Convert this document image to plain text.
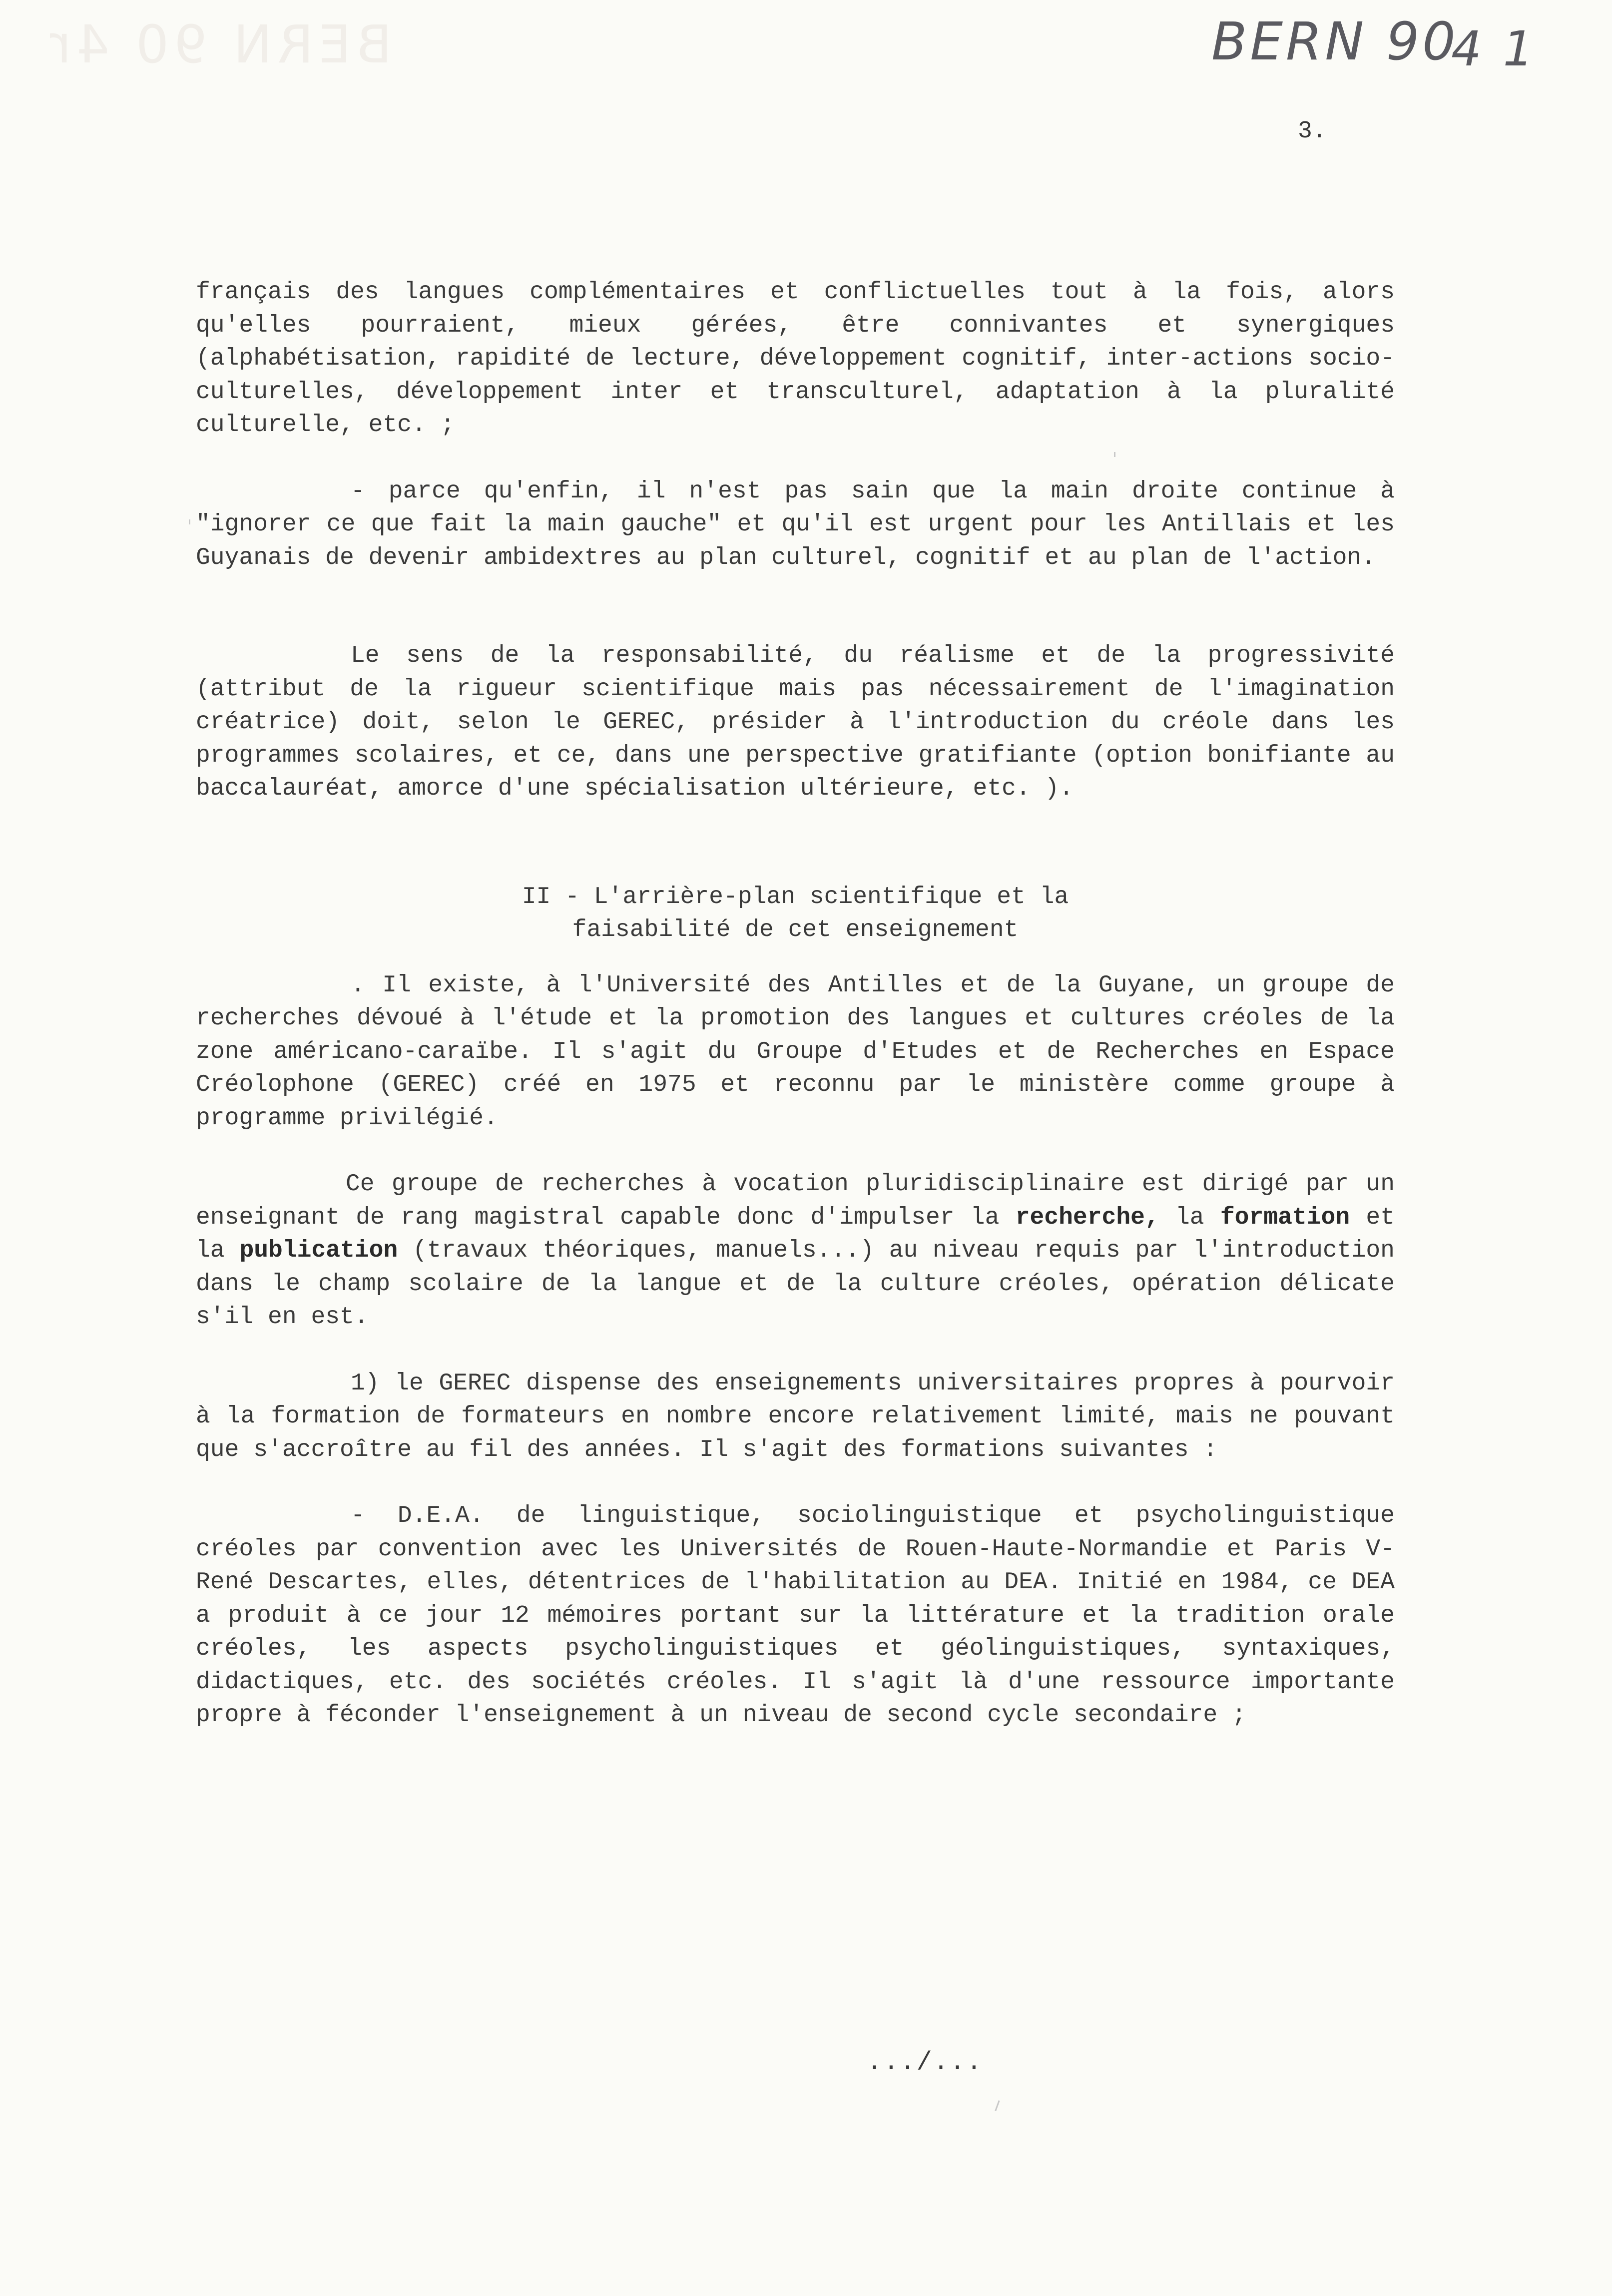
BERN 90 4r	BERN 90
4 1
3.

français des langues complémentaires et conflictuelles tout à la fois, alors qu'elles pourraient, mieux gérées, être connivantes et synergiques (alphabétisation, rapidité de lecture, développement cognitif, inter-actions socio-culturelles, développement inter et transculturel, adaptation à la pluralité culturelle, etc. ;

- parce qu'enfin, il n'est pas sain que la main droite continue à "ignorer ce que fait la main gauche" et qu'il est urgent pour les Antillais et les Guyanais de devenir ambidextres au plan culturel, cognitif et au plan de l'action.

Le sens de la responsabilité, du réalisme et de la progressivité (attribut de la rigueur scientifique mais pas nécessairement de l'imagination créatrice) doit, selon le GEREC, présider à l'introduction du créole dans les programmes scolaires, et ce, dans une perspective gratifiante (option bonifiante au baccalauréat, amorce d'une spécialisation ultérieure, etc. ).

II - L'arrière-plan scientifique et la

faisabilité de cet enseignement

. Il existe, à l'Université des Antilles et de la Guyane, un groupe de recherches dévoué à l'étude et la promotion des langues et cultures créoles de la zone américano-caraïbe. Il s'agit du Groupe d'Etudes et de Recherches en Espace Créolophone (GEREC) créé en 1975 et reconnu par le ministère comme groupe à programme privilégié.

Ce groupe de recherches à vocation pluridisciplinaire est dirigé par un enseignant de rang magistral capable donc d'impulser la recherche, la formation et la publication (travaux théoriques, manuels...) au niveau requis par l'introduction dans le champ scolaire de la langue et de la culture créoles, opération délicate s'il en est.

1) le GEREC dispense des enseignements universitaires propres à pourvoir à la formation de formateurs en nombre encore relativement limité, mais ne pouvant que s'accroître au fil des années. Il s'agit des formations suivantes :

- D.E.A. de linguistique, sociolinguistique et psycholinguistique créoles par convention avec les Universités de Rouen-Haute-Normandie et Paris V-René Descartes, elles, détentrices de l'habilitation au DEA. Initié en 1984, ce DEA a produit à ce jour 12 mémoires portant sur la littérature et la tradition orale créoles, les aspects psycholinguistiques et géolinguistiques, syntaxiques, didactiques, etc. des sociétés créoles. Il s'agit là d'une ressource importante propre à féconder l'enseignement à un niveau de second cycle secondaire ;

.../...
